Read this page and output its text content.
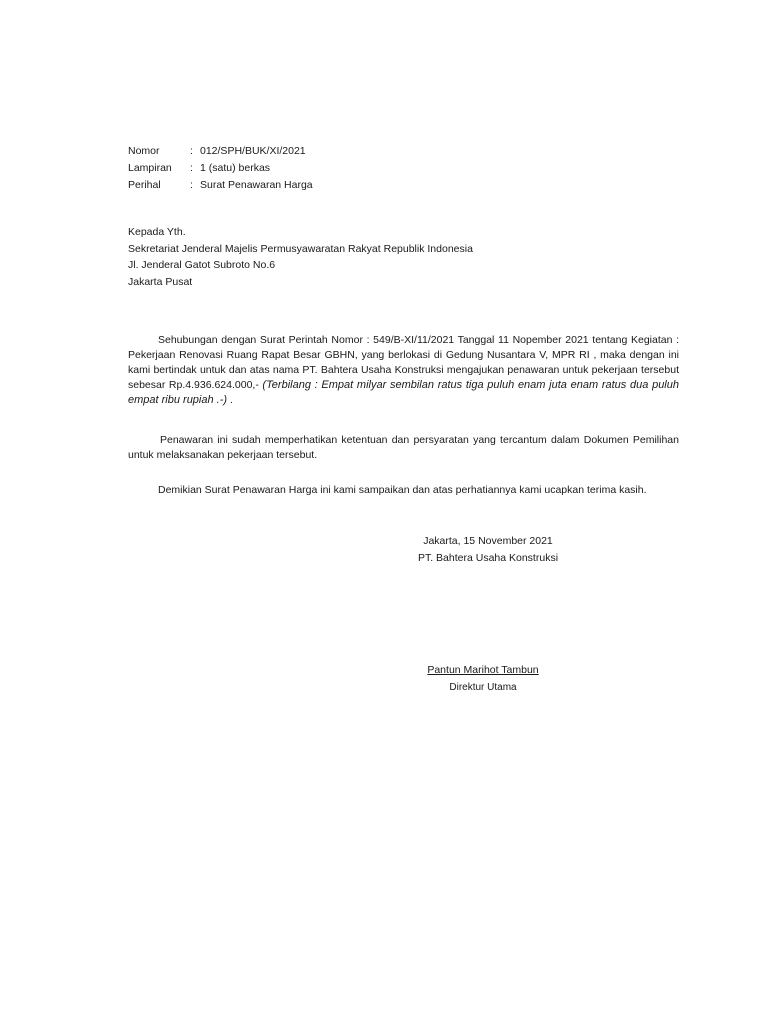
Nomor	: 012/SPH/BUK/XI/2021
Lampiran : 1 (satu) berkas
Perihal	: Surat Penawaran Harga
Kepada Yth.
Sekretariat Jenderal Majelis Permusyawaratan Rakyat Republik Indonesia
Jl. Jenderal Gatot Subroto No.6
Jakarta Pusat

Sehubungan dengan Surat Perintah Nomor : 549/B-XI/11/2021 Tanggal 11 Nopember 2021 tentang Kegiatan : Pekerjaan Renovasi Ruang Rapat Besar GBHN, yang berlokasi di Gedung Nusantara V, MPR RI , maka dengan ini kami bertindak untuk dan atas nama PT. Bahtera Usaha Konstruksi mengajukan penawaran untuk pekerjaan tersebut sebesar Rp.4.936.624.000,- (Terbilang : Empat milyar sembilan ratus tiga puluh enam juta enam ratus dua puluh empat ribu rupiah .-) .

Penawaran ini sudah memperhatikan ketentuan dan persyaratan yang tercantum dalam Dokumen Pemilihan untuk melaksanakan pekerjaan tersebut.

Demikian Surat Penawaran Harga ini kami sampaikan dan atas perhatiannya kami ucapkan terima kasih.

Jakarta, 15 November 2021
PT. Bahtera Usaha Konstruksi
Pantun Marihot Tambun
Direktur Utama
